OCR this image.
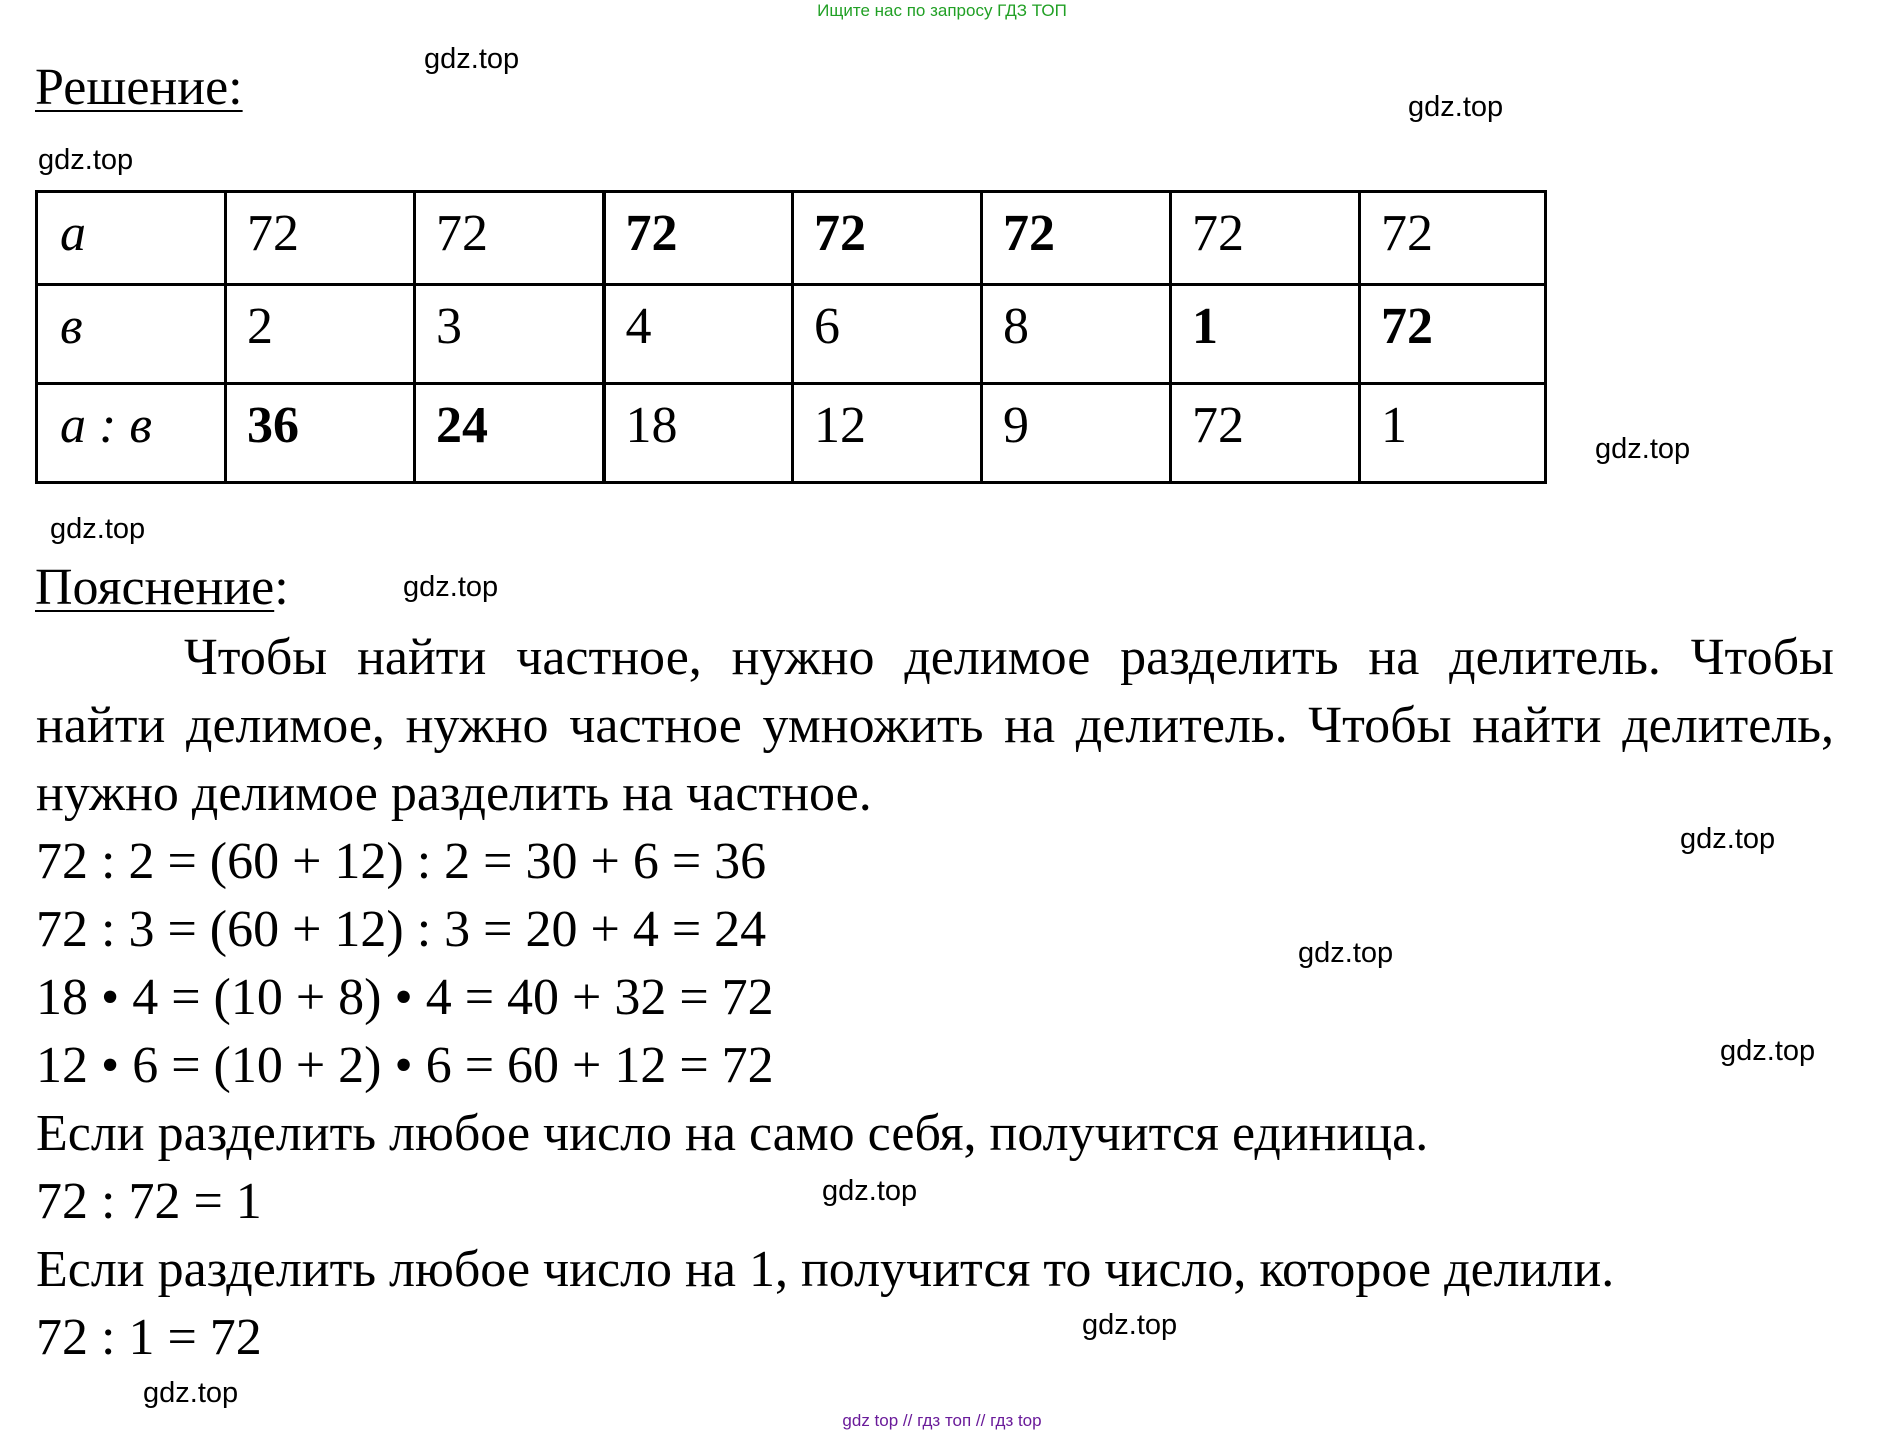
Ищите нас по запросу ГДЗ ТОП
Решение:
а	72	72	72	72	72	72	72
в	2	3	4	6	8	1	72
а : в	36	24	18	12	9	72	1
Пояснение:

Чтобы найти частное, нужно делимое разделить на делитель. Чтобы найти делимое, нужно частное умножить на делитель. Чтобы найти делитель, нужно делимое разделить на частное.

72 : 2 = (60 + 12) : 2 = 30 + 6 = 36

72 : 3 = (60 + 12) : 3 = 20 + 4 = 24

18 • 4 = (10 + 8) • 4 = 40 + 32 = 72

12 • 6 = (10 + 2) • 6 = 60 + 12 = 72

Если разделить любое число на само себя, получится единица.

72 : 72 = 1

Если разделить любое число на 1, получится то число, которое делили.

72 : 1 = 72

gdz.top
gdz.top
gdz.top
gdz.top
gdz.top
gdz.top
gdz.top
gdz.top
gdz.top
gdz.top
gdz.top
gdz.top
gdz top // гдз топ // гдз top
